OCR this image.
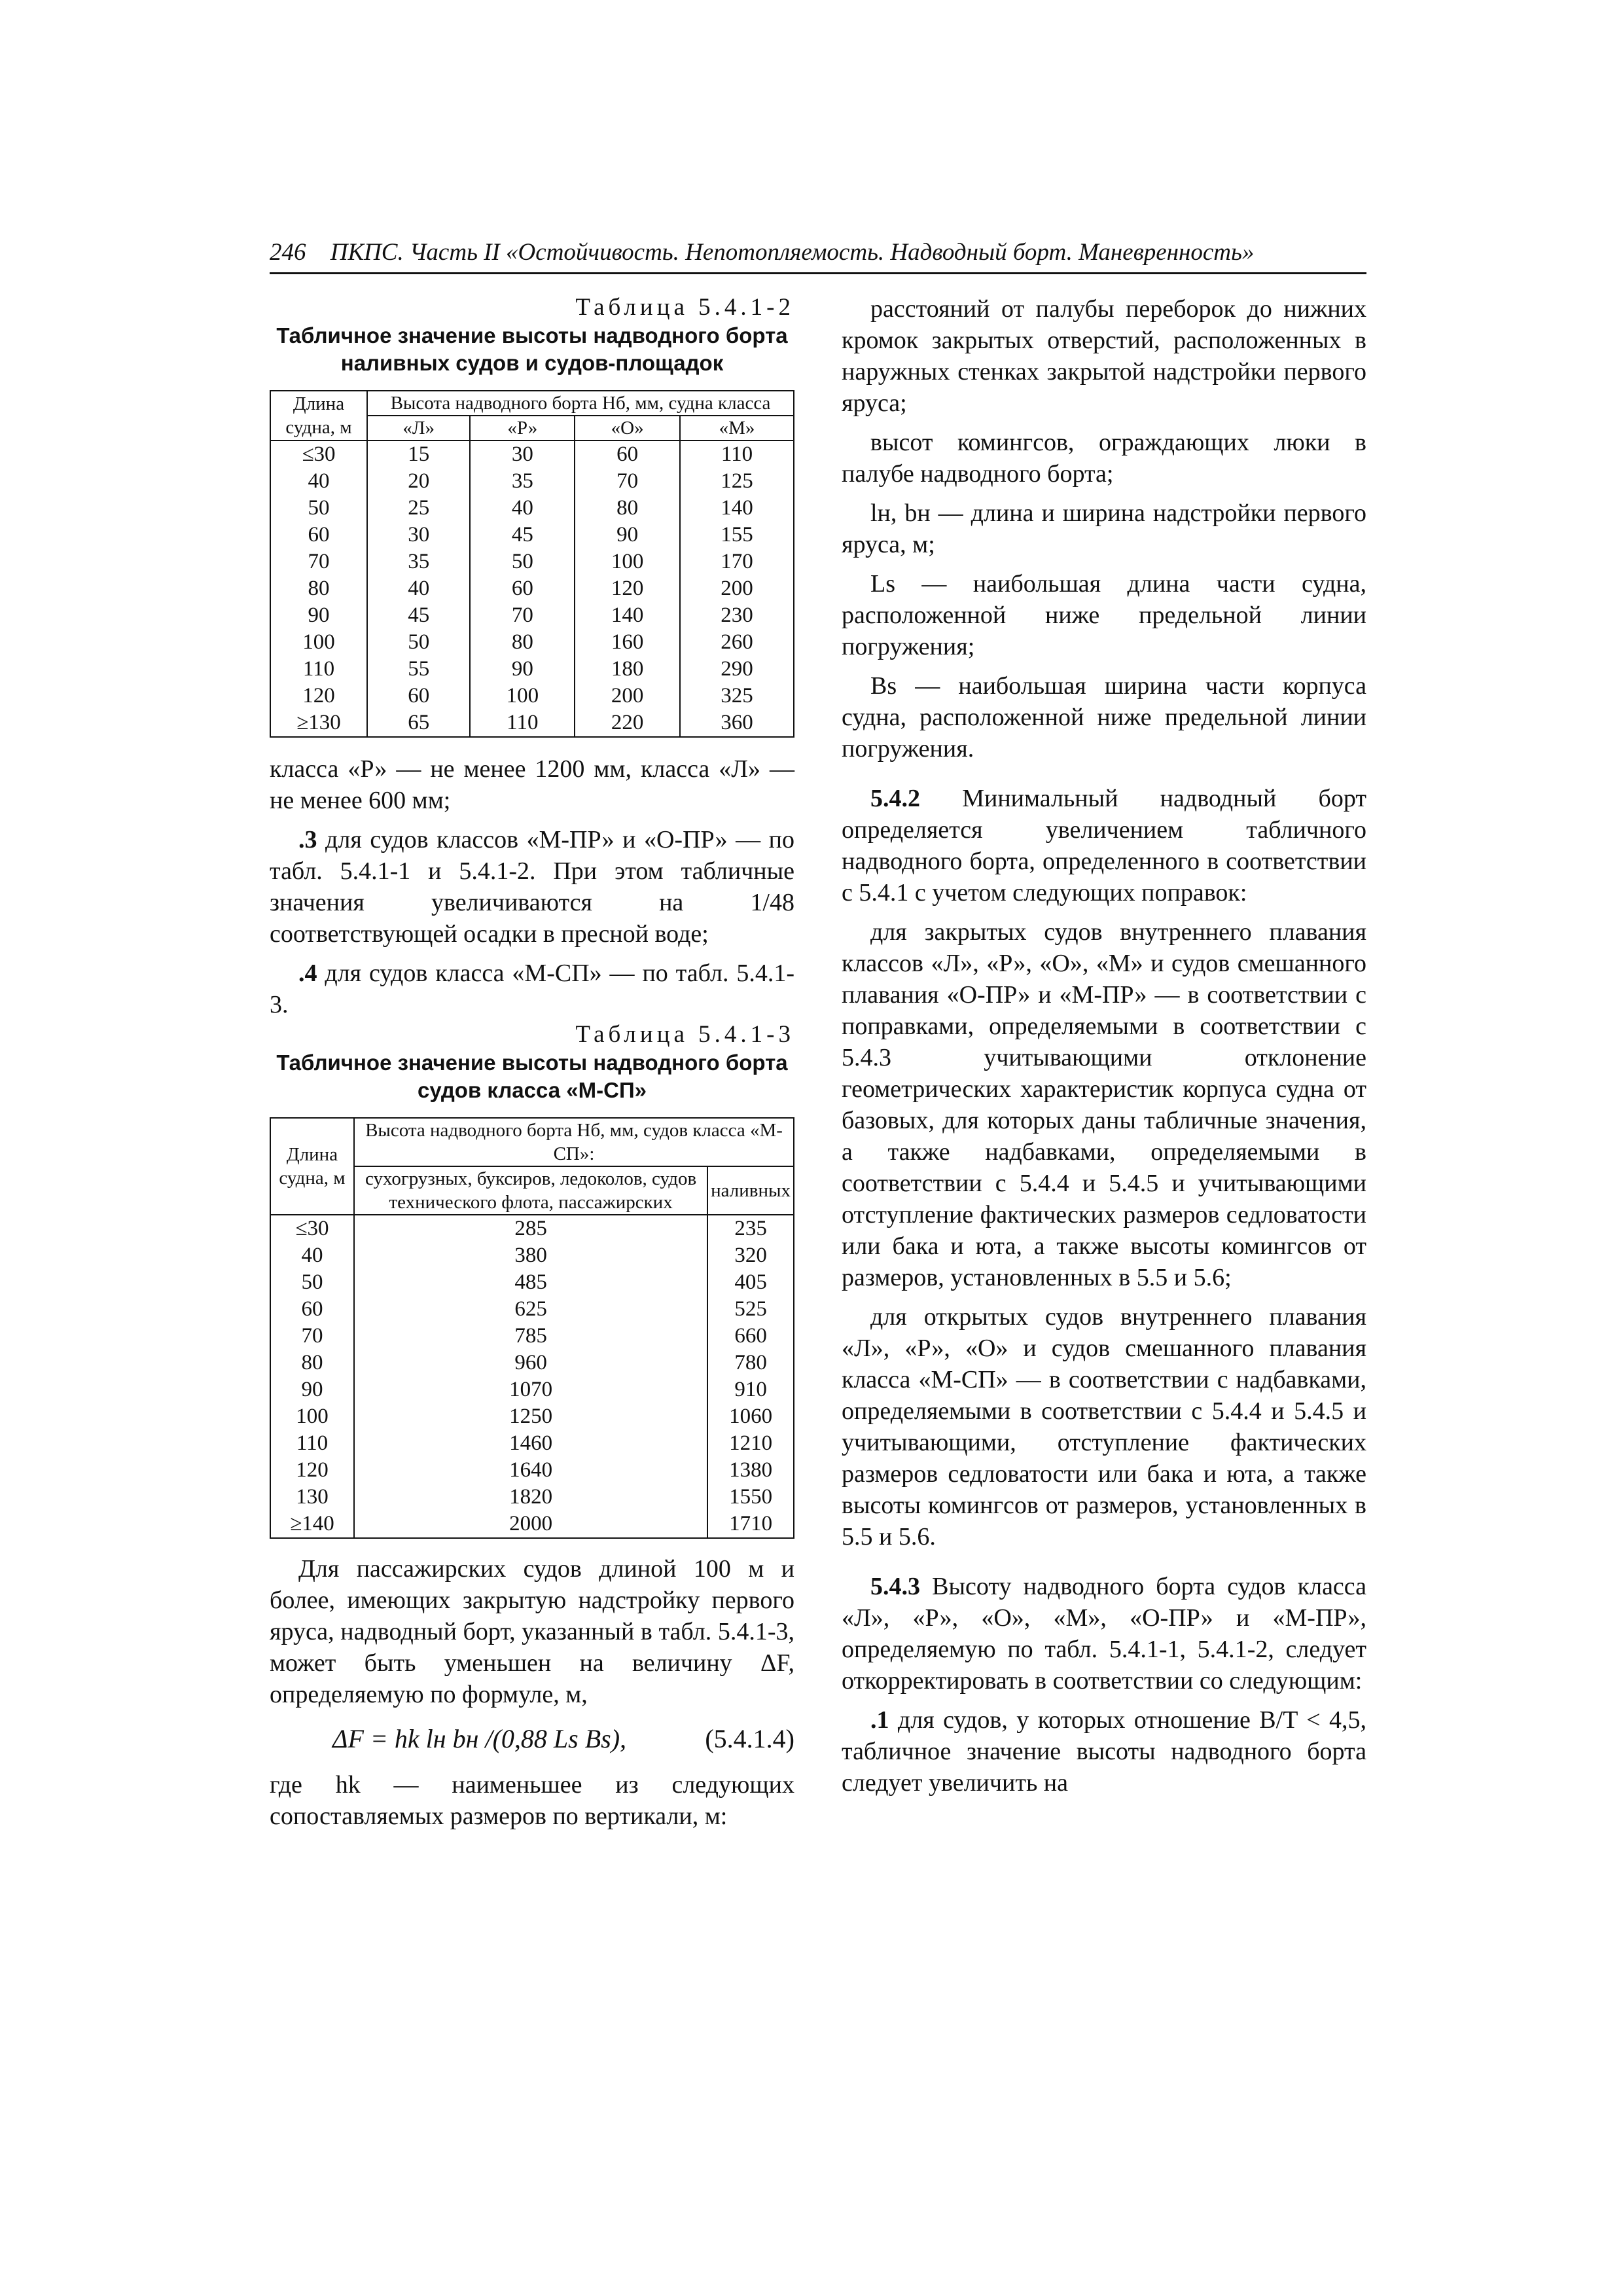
246 ПКПС. Часть II «Остойчивость. Непотопляемость. Надводный борт. Маневренность»
Таблица 5.4.1-2
Табличное значение высоты надводного борта
наливных судов и судов-площадок
Длина судна, м	Высота надводного борта Нб, мм, судна класса			
	«Л»	«Р»	«О»	«М»
≤30	15	30	60	110
40	20	35	70	125
50	25	40	80	140
60	30	45	90	155
70	35	50	100	170
80	40	60	120	200
90	45	70	140	230
100	50	80	160	260
110	55	90	180	290
120	60	100	200	325
≥130	65	110	220	360

класса «Р» — не менее 1200 мм, класса «Л» — не менее 600 мм;

.3 для судов классов «М-ПР» и «О-ПР» — по табл. 5.4.1-1 и 5.4.1-2. При этом табличные значения увеличиваются на 1/48 соответствующей осадки в пресной воде;

.4 для судов класса «М-СП» — по табл. 5.4.1-3.

Таблица 5.4.1-3
Табличное значение высоты надводного борта
судов класса «М-СП»
Длина судна, м	Высота надводного борта Нб, мм, судов класса «М-СП»:	
	сухогрузных, буксиров, ледоколов, судов технического флота, пассажирских	наливных
≤30	285	235
40	380	320
50	485	405
60	625	525
70	785	660
80	960	780
90	1070	910
100	1250	1060
110	1460	1210
120	1640	1380
130	1820	1550
≥140	2000	1710

Для пассажирских судов длиной 100 м и более, имеющих закрытую надстройку первого яруса, надводный борт, указанный в табл. 5.4.1-3, может быть уменьшен на величину ΔF, определяемую по формуле, м,

ΔF = hk lн bн /(0,88 Ls Bs),	(5.4.1.4)

где hk — наименьшее из следующих сопоставляемых размеров по вертикали, м:

расстояний от палубы переборок до нижних кромок закрытых отверстий, расположенных в наружных стенках закрытой надстройки первого яруса;

высот комингсов, ограждающих люки в палубе надводного борта;

lн, bн — длина и ширина надстройки первого яруса, м;

Ls — наибольшая длина части судна, расположенной ниже предельной линии погружения;

Bs — наибольшая ширина части корпуса судна, расположенной ниже предельной линии погружения.

5.4.2 Минимальный надводный борт определяется увеличением табличного надводного борта, определенного в соответствии с 5.4.1 с учетом следующих поправок:

для закрытых судов внутреннего плавания классов «Л», «Р», «О», «М» и судов смешанного плавания «О-ПР» и «М-ПР» — в соответствии с поправками, определяемыми в соответствии с 5.4.3 учитывающими отклонение геометрических характеристик корпуса судна от базовых, для которых даны табличные значения, а также надбавками, определяемыми в соответствии с 5.4.4 и 5.4.5 и учитывающими отступление фактических размеров седловатости или бака и юта, а также высоты комингсов от размеров, установленных в 5.5 и 5.6;

для открытых судов внутреннего плавания «Л», «Р», «О» и судов смешанного плавания класса «М-СП» — в соответствии с надбавками, определяемыми в соответствии с 5.4.4 и 5.4.5 и учитывающими, отступление фактических размеров седловатости или бака и юта, а также высоты комингсов от размеров, установленных в 5.5 и 5.6.

5.4.3 Высоту надводного борта судов класса «Л», «Р», «О», «М», «О-ПР» и «М-ПР», определяемую по табл. 5.4.1-1, 5.4.1-2, следует откорректировать в соответствии со следующим:

.1 для судов, у которых отношение B/T < 4,5, табличное значение высоты надводного борта следует увеличить на
